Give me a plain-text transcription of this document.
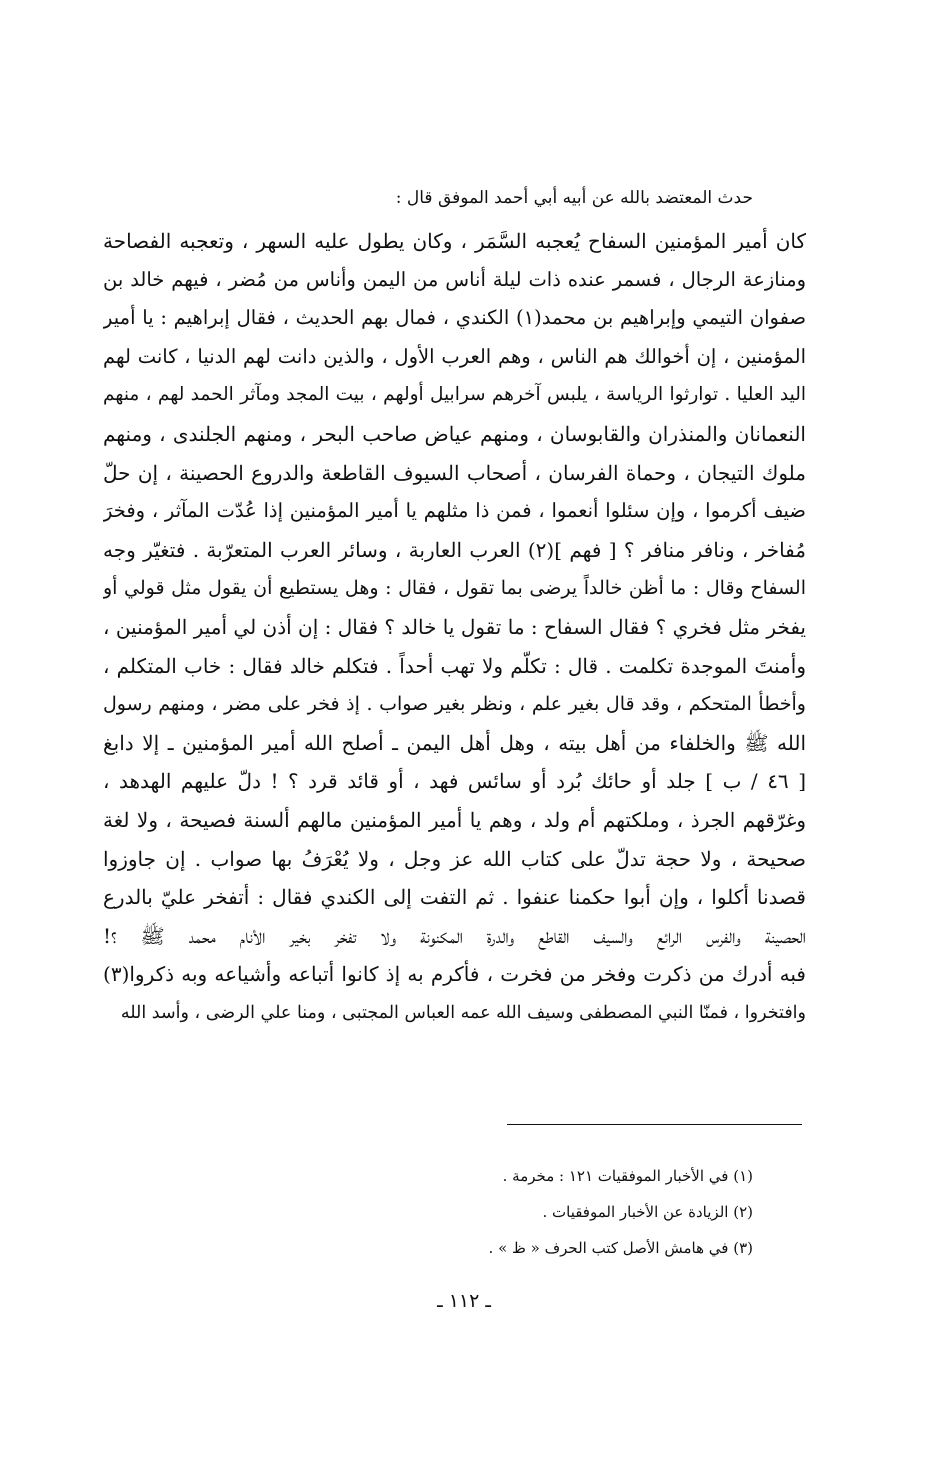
حدث المعتضد بالله عن أبيه أبي أحمد الموفق قال :
كان أمير المؤمنين السفاح يُعجبه السَّمَر ، وكان يطول عليه السهر ، وتعجبه الفصاحة
ومنازعة الرجال ، فسمر عنده ذات ليلة أناس من اليمن وأناس من مُضر ، فيهم خالد بن
صفوان التيمي وإبراهيم بن محمد(١) الكندي ، فمال بهم الحديث ، فقال إبراهيم : يا أمير
المؤمنين ، إن أخوالك هم الناس ، وهم العرب الأول ، والذين دانت لهم الدنيا ، كانت لهم
اليد العليا . توارثوا الرياسة ، يلبس آخرهم سرابيل أولهم ، بيت المجد ومآثر الحمد لهم ، منهم
النعمانان والمنذران والقابوسان ، ومنهم عياض صاحب البحر ، ومنهم الجلندى ، ومنهم
ملوك التيجان ، وحماة الفرسان ، أصحاب السيوف القاطعة والدروع الحصينة ، إن حلّ
ضيف أكرموا ، وإن سئلوا أنعموا ، فمن ذا مثلهم يا أمير المؤمنين إذا عُدّت المآثر ، وفخرَ
مُفاخر ، ونافر منافر ؟ [ فهم ](٢) العرب العاربة ، وسائر العرب المتعرّبة . فتغيّر وجه
السفاح وقال : ما أظن خالداً يرضى بما تقول ، فقال : وهل يستطيع أن يقول مثل قولي أو
يفخر مثل فخري ؟ فقال السفاح : ما تقول يا خالد ؟ فقال : إن أذن لي أمير المؤمنين ،
وأمنتَ الموجدة تكلمت . قال : تكلّم ولا تهب أحداً . فتكلم خالد فقال : خاب المتكلم ،
وأخطأ المتحكم ، وقد قال بغير علم ، ونظر بغير صواب . إذ فخر على مضر ، ومنهم رسول
الله ﷺ والخلفاء من أهل بيته ، وهل أهل اليمن ـ أصلح الله أمير المؤمنين ـ إلا دابغ
[ ٤٦ / ب ] جلد أو حائك بُرد أو سائس فهد ، أو قائد قرد ؟ ! دلّ عليهم الهدهد ،
وغرّقهم الجرذ ، وملكتهم أم ولد ، وهم يا أمير المؤمنين مالهم ألسنة فصيحة ، ولا لغة
صحيحة ، ولا حجة تدلّ على كتاب الله عز وجل ، ولا يُعْرَفُ بها صواب . إن جاوزوا
قصدنا أكلوا ، وإن أبوا حكمنا عنفوا . ثم التفت إلى الكندي فقال : أتفخر عليّ بالدرع
الحصينة والفرس الرائع والسيف القاطع والدرة المكنونة ولا تفخر بخير الأنام محمد ﷺ ؟!
فبه أدرك من ذكرت وفخر من فخرت ، فأكرم به إذ كانوا أتباعه وأشياعه وبه ذكروا(٣)
وافتخروا ، فمنّا النبي المصطفى وسيف الله عمه العباس المجتبى ، ومنا علي الرضى ، وأسد الله
(١) في الأخبار الموفقيات ١٢١ : مخرمة .
(٢) الزيادة عن الأخبار الموفقيات .
(٣) في هامش الأصل كتب الحرف « ظ » .
ـ ١١٢ ـ
